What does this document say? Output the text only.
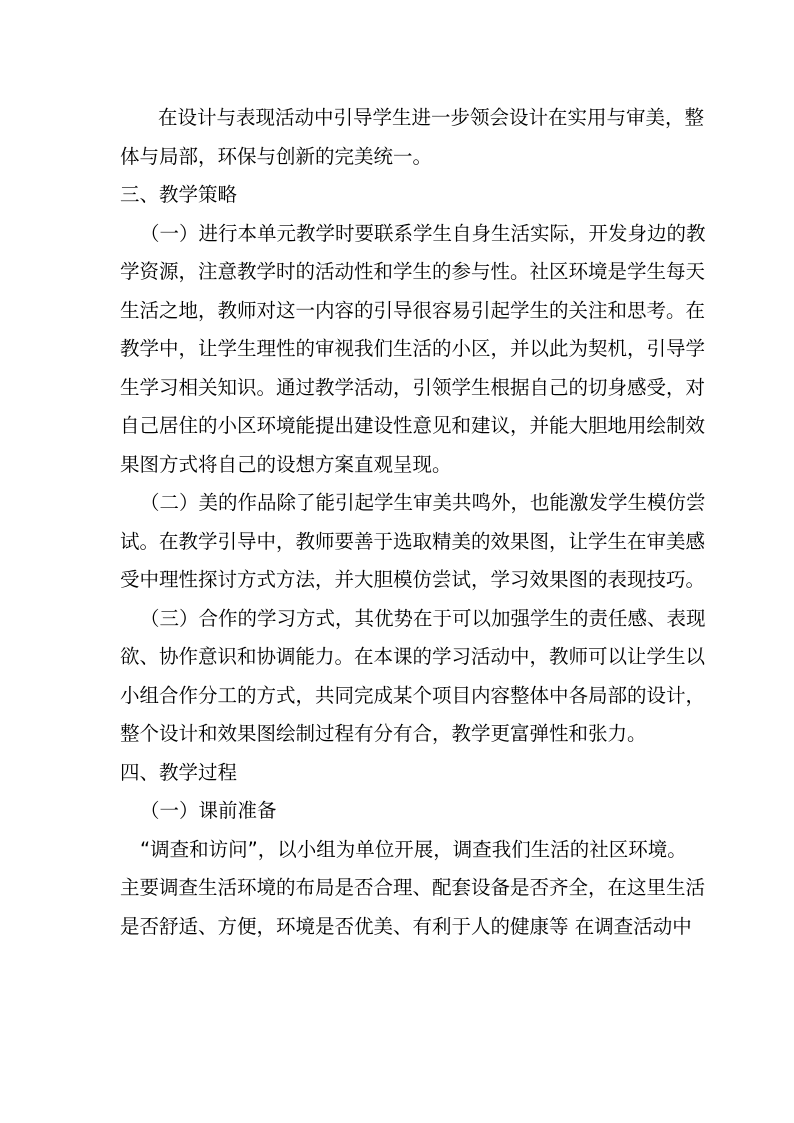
在设计与表现活动中引导学生进一步领会设计在实用与审美，整
体与局部，环保与创新的完美统一。
三、教学策略
（一）进行本单元教学时要联系学生自身生活实际，开发身边的教
学资源，注意教学时的活动性和学生的参与性。社区环境是学生每天
生活之地，教师对这一内容的引导很容易引起学生的关注和思考。在
教学中，让学生理性的审视我们生活的小区，并以此为契机，引导学
生学习相关知识。通过教学活动，引领学生根据自己的切身感受，对
自己居住的小区环境能提出建设性意见和建议，并能大胆地用绘制效
果图方式将自己的设想方案直观呈现。
（二）美的作品除了能引起学生审美共鸣外，也能激发学生模仿尝
试。在教学引导中，教师要善于选取精美的效果图，让学生在审美感
受中理性探讨方式方法，并大胆模仿尝试，学习效果图的表现技巧。
（三）合作的学习方式，其优势在于可以加强学生的责任感、表现
欲、协作意识和协调能力。在本课的学习活动中，教师可以让学生以
小组合作分工的方式，共同完成某个项目内容整体中各局部的设计，
整个设计和效果图绘制过程有分有合，教学更富弹性和张力。
四、教学过程
（一）课前准备
“调查和访问”，以小组为单位开展，调查我们生活的社区环境。
主要调查生活环境的布局是否合理、配套设备是否齐全，在这里生活
是否舒适、方便，环境是否优美、有利于人的健康等 在调查活动中
